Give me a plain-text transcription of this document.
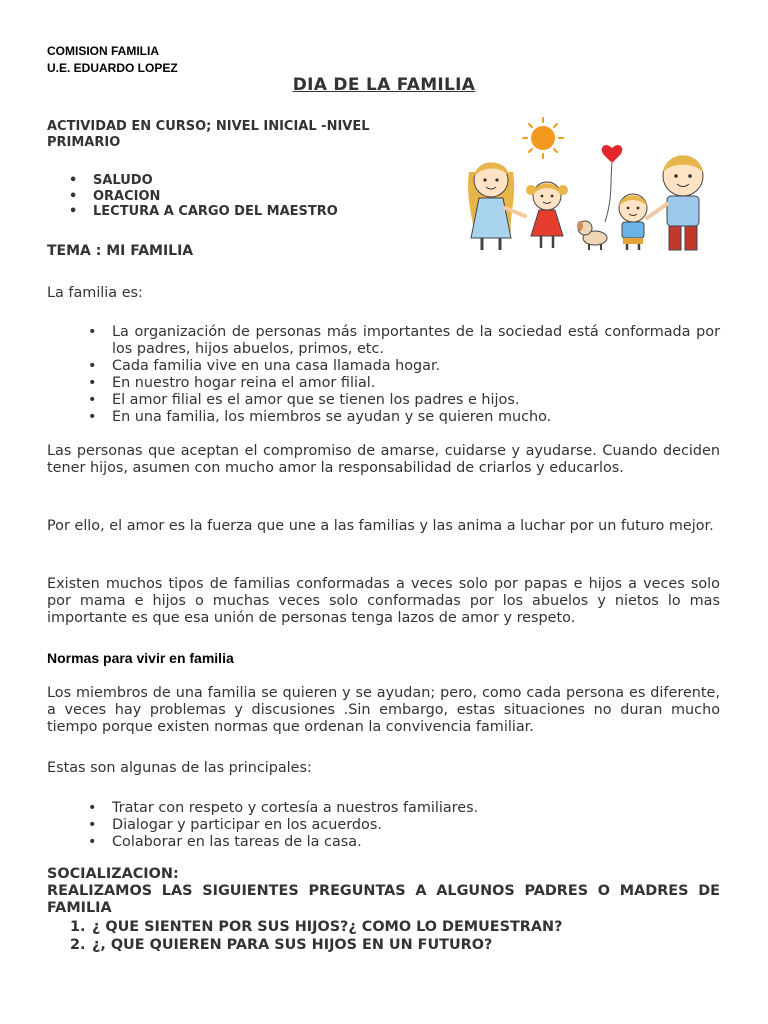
COMISION FAMILIA
U.E. EDUARDO LOPEZ
DIA DE LA FAMILIA
ACTIVIDAD EN CURSO; NIVEL INICIAL -NIVEL PRIMARIO
• SALUDO
• ORACION
• LECTURA A CARGO DEL MAESTRO
TEMA : MI FAMILIA
La familia es:
• La organización de personas más importantes de la sociedad está conformada por los padres, hijos abuelos, primos, etc.
• Cada familia vive en una casa llamada hogar.
• En nuestro hogar reina el amor filial.
• El amor filial es el amor que se tienen los padres e hijos.
• En una familia, los miembros se ayudan y se quieren mucho.
Las personas que aceptan el compromiso de amarse, cuidarse y ayudarse. Cuando deciden tener hijos, asumen con mucho amor la responsabilidad de criarlos y educarlos.
Por ello, el amor es la fuerza que une a las familias y las anima a luchar por un futuro mejor.
Existen muchos tipos de familias conformadas a veces solo por papas e hijos a veces solo por mama e hijos o muchas veces solo conformadas por los abuelos y nietos lo mas importante es que esa unión de personas tenga lazos de amor y respeto.
Normas para vivir en familia
Los miembros de una familia se quieren y se ayudan; pero, como cada persona es diferente, a veces hay problemas y discusiones .Sin embargo, estas situaciones no duran mucho tiempo porque existen normas que ordenan la convivencia familiar.
Estas son algunas de las principales:
• Tratar con respeto y cortesía a nuestros familiares.
• Dialogar y participar en los acuerdos.
• Colaborar en las tareas de la casa.
SOCIALIZACION:
REALIZAMOS LAS SIGUIENTES PREGUNTAS A ALGUNOS PADRES O MADRES DE FAMILIA
1. ¿ QUE SIENTEN POR SUS HIJOS?¿ COMO LO DEMUESTRAN?
2. ¿, QUE QUIEREN PARA SUS HIJOS EN UN FUTURO?
